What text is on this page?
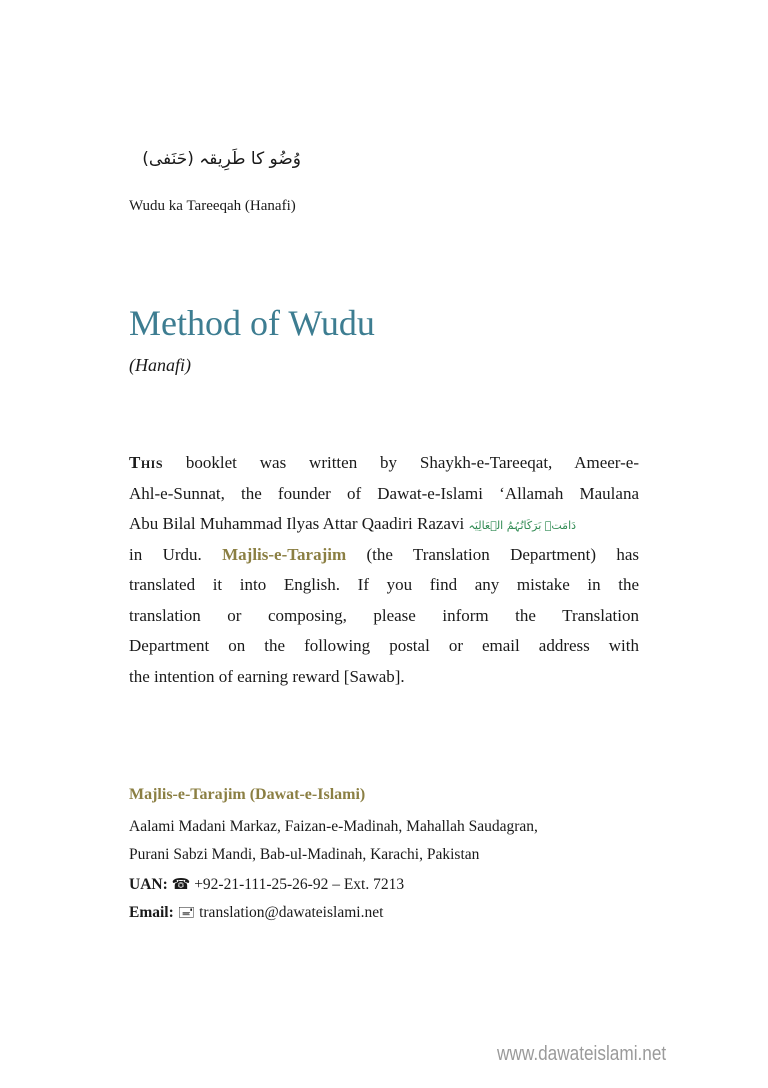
وُضُو کا طَرِیقہ (حَنَفی)
Wudu ka Tareeqah (Hanafi)
Method of Wudu
(Hanafi)
This booklet was written by Shaykh-e-Tareeqat, Ameer-e-
Ahl-e-Sunnat, the founder of Dawat-e-Islami ‘Allamah Maulana
Abu Bilal Muhammad Ilyas Attar Qaadiri Razavi دَامَتۡ بَرَکَاتُہُمُ الۡعَالِیَہ
in Urdu. Majlis-e-Tarajim (the Translation Department) has
translated it into English. If you find any mistake in the
translation or composing, please inform the Translation
Department on the following postal or email address with
the intention of earning reward [Sawab].
Majlis-e-Tarajim (Dawat-e-Islami)
Aalami Madani Markaz, Faizan-e-Madinah, Mahallah Saudagran,
Purani Sabzi Mandi, Bab-ul-Madinah, Karachi, Pakistan
UAN: ☎ +92-21-111-25-26-92 – Ext. 7213
Email: 🖃 translation@dawateislami.net
www.dawateislami.net
